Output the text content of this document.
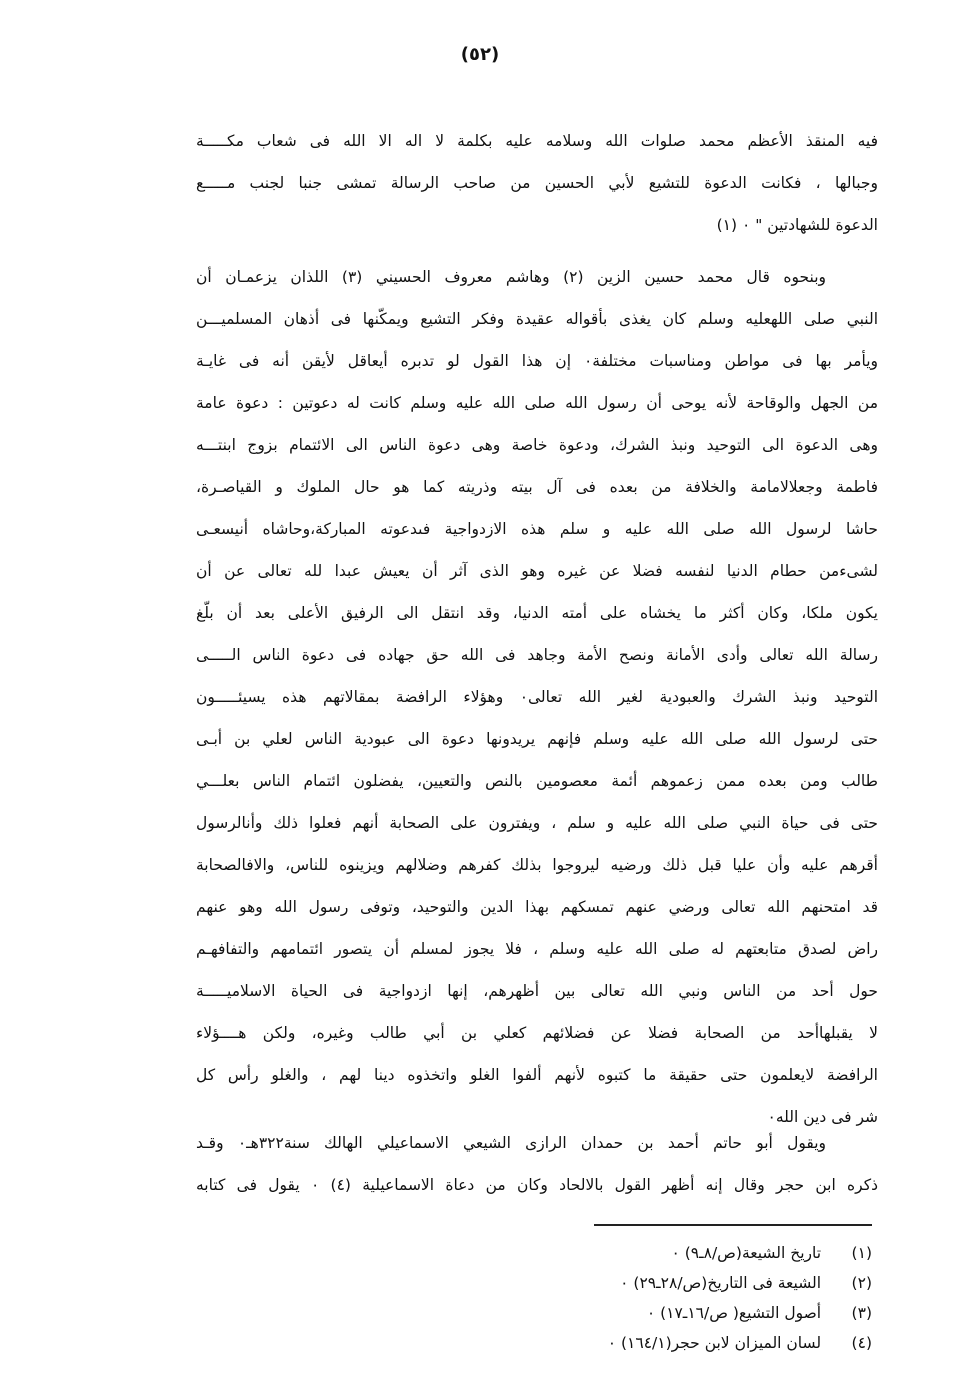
(٥٢)
فيه المنقذ الأعظم محمد صلوات الله وسلامه عليه بكلمة لا اله الا الله فى شعاب مكـــــة
وجبالها ، فكانت الدعوة للتشيع لأبي الحسين من صاحب الرسالة تمشى جنبا لجنب مـــــع
الدعوة للشهادتين " ٠ (١)
وبنحوه قال محمد حسين الزين (٢) وهاشم معروف الحسيني (٣) اللذان يزعمـان أن
النبي صلى اللهعليه وسلم كان يغذى بأقواله عقيدة وفكر التشيع ويمكّنها فى أذهان المسلميـــن
ويأمر بها فى مواطن ومناسبات مختلفة٠ إن هذا القول لو تدبره أيعاقل لأيقن أنه فى غايـة
من الجهل والوقاحة لأنه يوحى أن رسول الله صلى الله عليه وسلم كانت له دعوتين : دعوة عامة
وهى الدعوة الى التوحيد ونبذ الشرك، ودعوة خاصة وهى دعوة الناس الى الائتمام بزوج ابنتـــه
فاطمة وجعلالامامة والخلافة من بعده فى آل بيته وذريته كما هو حال الملوك و القياصـرة،
حاشا لرسول الله صلى الله عليه و سلم هذه الازدواجية فىدعوته المباركة،وحاشاه أنيسعـى
لشىءمن حطام الدنيا لنفسه فضلا عن غيره وهو الذى آثر أن يعيش عبدا لله تعالى عن أن
يكون ملكا، وكان أكثر ما يخشاه على أمته الدنيا، وقد انتقل الى الرفيق الأعلى بعد أن بلّغ
رسالة الله تعالى وأدى الأمانة ونصح الأمة وجاهد فى الله حق جهاده فى دعوة الناس الـــــى
التوحيد ونبذ الشرك والعبودية لغير الله تعالى٠ وهؤلاء الرافضة بمقالاتهم هذه يسيئـــــون
حتى لرسول الله صلى الله عليه وسلم فإنهم يريدونها دعوة الى عبودية الناس لعلي بن أبـى
طالب ومن بعده ممن زعموهم أئمة معصومين بالنص والتعيين، يفضلون ائتمام الناس بعلـــي
حتى فى حياة النبي صلى الله عليه و سلم ، ويفترون على الصحابة أنهم فعلوا ذلك وأنالرسول
أقرهم عليه وأن عليا قبل ذلك ورضيه ليروجوا بذلك كفرهم وضلالهم ويزينوه للناس، والافالصحابة
قد امتحنهم الله تعالى ورضي عنهم تمسكهم بهذا الدين والتوحيد، وتوفى رسول الله وهو عنهم
راض لصدق متابعتهم له صلى الله عليه وسلم ، فلا يجوز لمسلم أن يتصور ائتمامهم والتفافهـم
حول أحد من الناس ونبي الله تعالى بين أظهرهم، إنها ازدواجية فى الحياة الاسلاميـــــة
لا يقبلهاأحد من الصحابة فضلا عن فضلائهم كعلي بن أبي طالب وغيره، ولكن هــــؤلاء
الرافضة لايعلمون حتى حقيقة ما كتبوه لأنهم ألفوا الغلو واتخذوه دينا لهم ، والغلو رأس كل
شر فى دين الله٠
ويقول أبو حاتم أحمد بن حمدان الرازى الشيعي الاسماعيلي الهالك سنة٣٢٢هـ٠ وقـد
ذكره ابن حجر وقال إنه أظهر القول بالالحاد وكان من دعاة الاسماعيلية (٤) ٠ يقول فى كتابه
(١) تاريخ الشيعة(ص/٨ـ٩) ٠
(٢) الشيعة فى التاريخ(ص/٢٨ـ٢٩) ٠
(٣) أصول التشيع( ص/١٦ـ١٧) ٠
(٤) لسان الميزان لابن حجر(١٦٤/١) ٠
